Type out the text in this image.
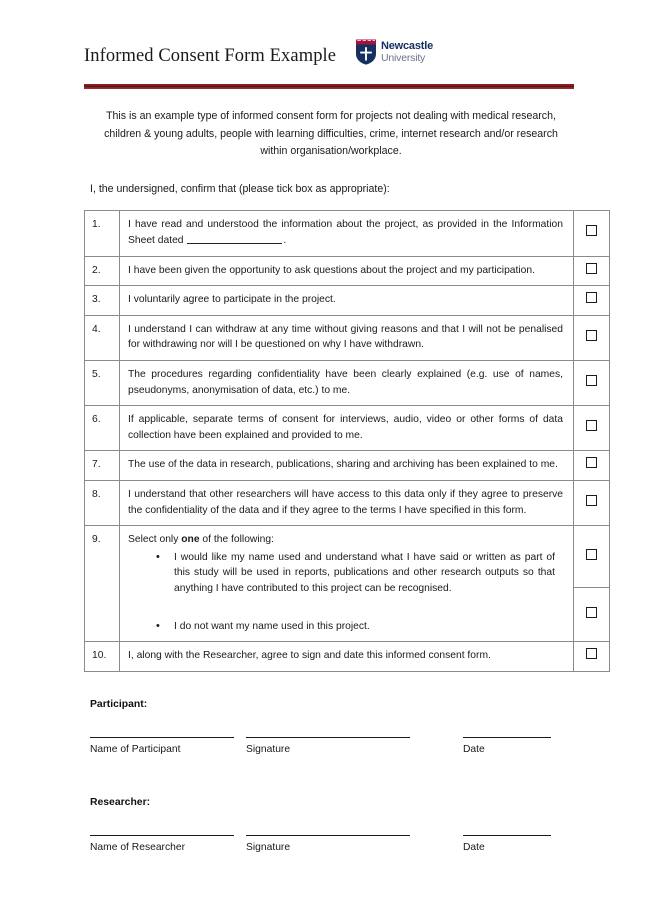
Informed Consent Form Example
Newcastle
University

This is an example type of informed consent form for projects not dealing with medical research, children & young adults, people with learning difficulties, crime, internet research and/or research within organisation/workplace.

I, the undersigned, confirm that (please tick box as appropriate):

1.	I have read and understood the information about the project, as provided in the Information Sheet dated .	
2.	I have been given the opportunity to ask questions about the project and my participation.	
3.	I voluntarily agree to participate in the project.	
4.	I understand I can withdraw at any time without giving reasons and that I will not be penalised for withdrawing nor will I be questioned on why I have withdrawn.	
5.	The procedures regarding confidentiality have been clearly explained (e.g. use of names, pseudonyms, anonymisation of data, etc.) to me.	
6.	If applicable, separate terms of consent for interviews, audio, video or other forms of data collection have been explained and provided to me.	
7.	The use of the data in research, publications, sharing and archiving has been explained to me.	
8.	I understand that other researchers will have access to this data only if they agree to preserve the confidentiality of the data and if they agree to the terms I have specified in this form.	
9.	Select only one of the following:
• I would like my name used and understand what I have said or written as part of this study will be used in reports, publications and other research outputs so that anything I have contributed to this project can be recognised.
• I do not want my name used in this project.

10.	I, along with the Researcher, agree to sign and date this informed consent form.	
Participant:
Name of Participant	Signature	Date
Researcher:
Name of Researcher	Signature	Date
